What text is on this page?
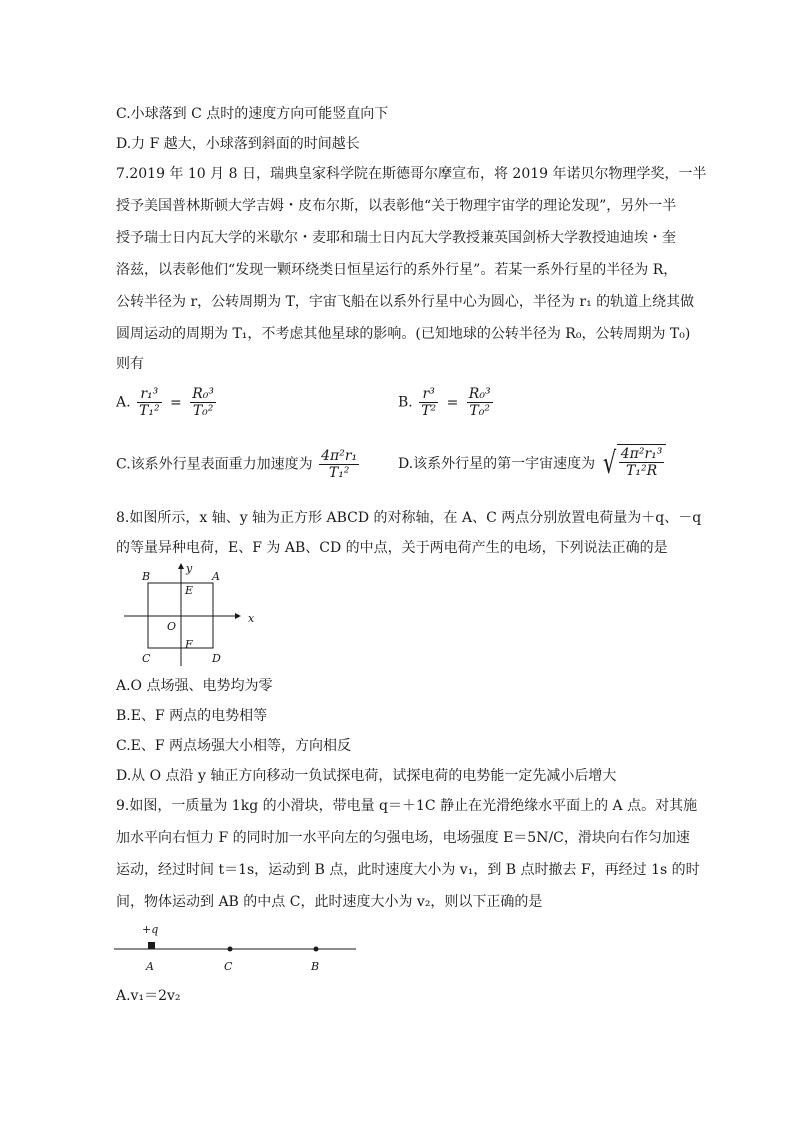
C.小球落到 C 点时的速度方向可能竖直向下
D.力 F 越大，小球落到斜面的时间越长
7.2019 年 10 月 8 日，瑞典皇家科学院在斯德哥尔摩宣布，将 2019 年诺贝尔物理学奖，一半
授予美国普林斯顿大学吉姆・皮布尔斯，以表彰他“关于物理宇宙学的理论发现”，另外一半
授予瑞士日内瓦大学的米歇尔・麦耶和瑞士日内瓦大学教授兼英国剑桥大学教授迪迪埃・奎
洛兹，以表彰他们“发现一颗环绕类日恒星运行的系外行星”。若某一系外行星的半径为 R，
公转半径为 r，公转周期为 T，宇宙飞船在以系外行星中心为圆心，半径为 r₁ 的轨道上绕其做
圆周运动的周期为 T₁，不考虑其他星球的影响。(已知地球的公转半径为 R₀，公转周期为 T₀)
则有
A. $\frac{\text{r₁³}}{\text{T₁²}} = \frac{\text{R₀³}}{\text{T₀²}}$	B. $\frac{\text{r³}}{\text{T²}} = \frac{\text{R₀³}}{\text{T₀²}}$
C.该系外行星表面重力加速度为 $\frac{\text{4π²r₁}}{\text{T₁²}}$	D.该系外行星的第一宇宙速度为 √ $\frac{\text{4π²r₁³}}{\text{T₁²R}}$
8.如图所示，x 轴、y 轴为正方形 ABCD 的对称轴，在 A、C 两点分别放置电荷量为＋q、－q
的等量异种电荷，E、F 为 AB、CD 的中点，关于两电荷产生的电场，下列说法正确的是
B	A
C	D
E
F
O
x
y
A.O 点场强、电势均为零
B.E、F 两点的电势相等
C.E、F 两点场强大小相等，方向相反
D.从 O 点沿 y 轴正方向移动一负试探电荷，试探电荷的电势能一定先减小后增大
9.如图，一质量为 1kg 的小滑块，带电量 q＝＋1C 静止在光滑绝缘水平面上的 A 点。对其施
加水平向右恒力 F 的同时加一水平向左的匀强电场，电场强度 E＝5N/C，滑块向右作匀加速
运动，经过时间 t＝1s，运动到 B 点，此时速度大小为 v₁，到 B 点时撤去 F，再经过 1s 的时
间，物体运动到 AB 的中点 C，此时速度大小为 v₂，则以下正确的是
+q
A	C	B
A.v₁＝2v₂
